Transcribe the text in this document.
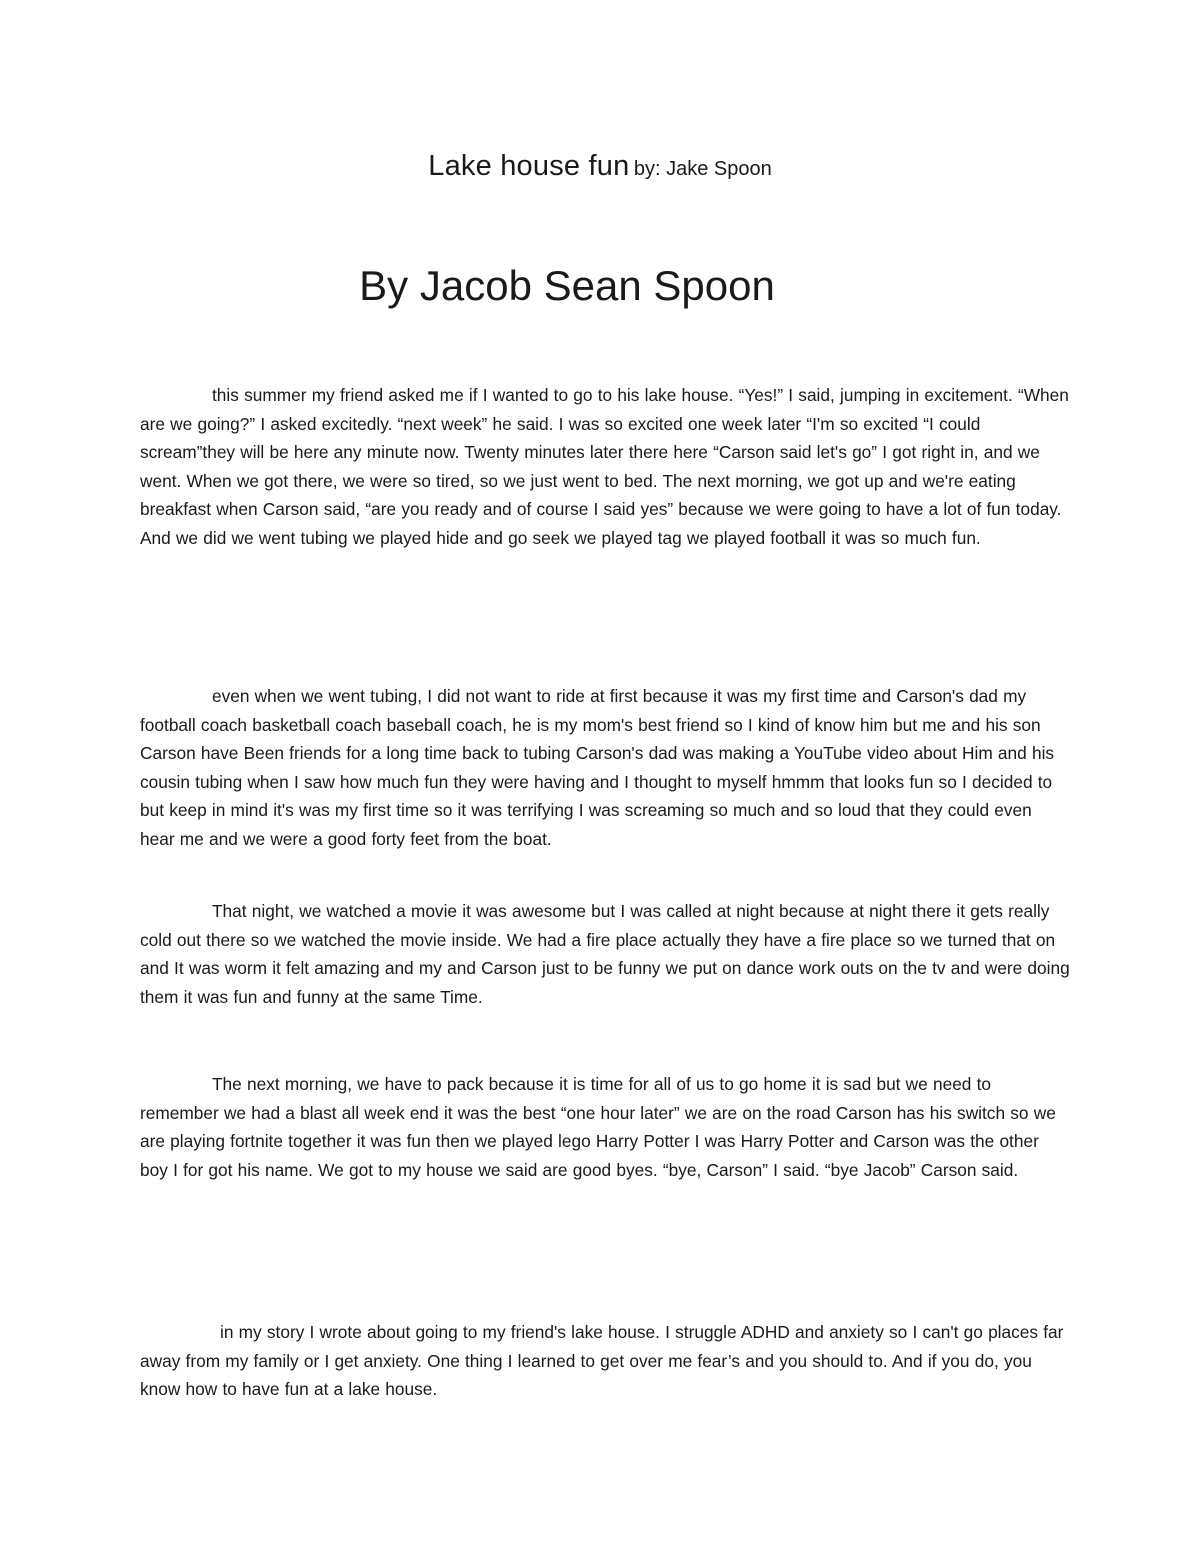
Lake house fun by: Jake Spoon
By Jacob Sean Spoon

this summer my friend asked me if I wanted to go to his lake house. “Yes!” I said, jumping in excitement. “When are we going?” I asked excitedly. “next week” he said. I was so excited one week later “I'm so excited “I could scream”they will be here any minute now. Twenty minutes later there here “Carson said let's go” I got right in, and we went. When we got there, we were so tired, so we just went to bed. The next morning, we got up and we're eating breakfast when Carson said, “are you ready and of course I said yes” because we were going to have a lot of fun today. And we did we went tubing we played hide and go seek we played tag we played football it was so much fun.

even when we went tubing, I did not want to ride at first because it was my first time and Carson's dad my football coach basketball coach baseball coach, he is my mom's best friend so I kind of know him but me and his son Carson have Been friends for a long time back to tubing Carson's dad was making a YouTube video about Him and his cousin tubing when I saw how much fun they were having and I thought to myself hmmm that looks fun so I decided to but keep in mind it's was my first time so it was terrifying I was screaming so much and so loud that they could even hear me and we were a good forty feet from the boat.

That night, we watched a movie it was awesome but I was called at night because at night there it gets really cold out there so we watched the movie inside. We had a fire place actually they have a fire place so we turned that on and It was worm it felt amazing and my and Carson just to be funny we put on dance work outs on the tv and were doing them it was fun and funny at the same Time.

The next morning, we have to pack because it is time for all of us to go home it is sad but we need to remember we had a blast all week end it was the best “one hour later” we are on the road Carson has his switch so we are playing fortnite together it was fun then we played lego Harry Potter I was Harry Potter and Carson was the other boy I for got his name. We got to my house we said are good byes. “bye, Carson” I said. “bye Jacob” Carson said.

in my story I wrote about going to my friend's lake house. I struggle ADHD and anxiety so I can't go places far away from my family or I get anxiety. One thing I learned to get over me fear’s and you should to. And if you do, you know how to have fun at a lake house.
